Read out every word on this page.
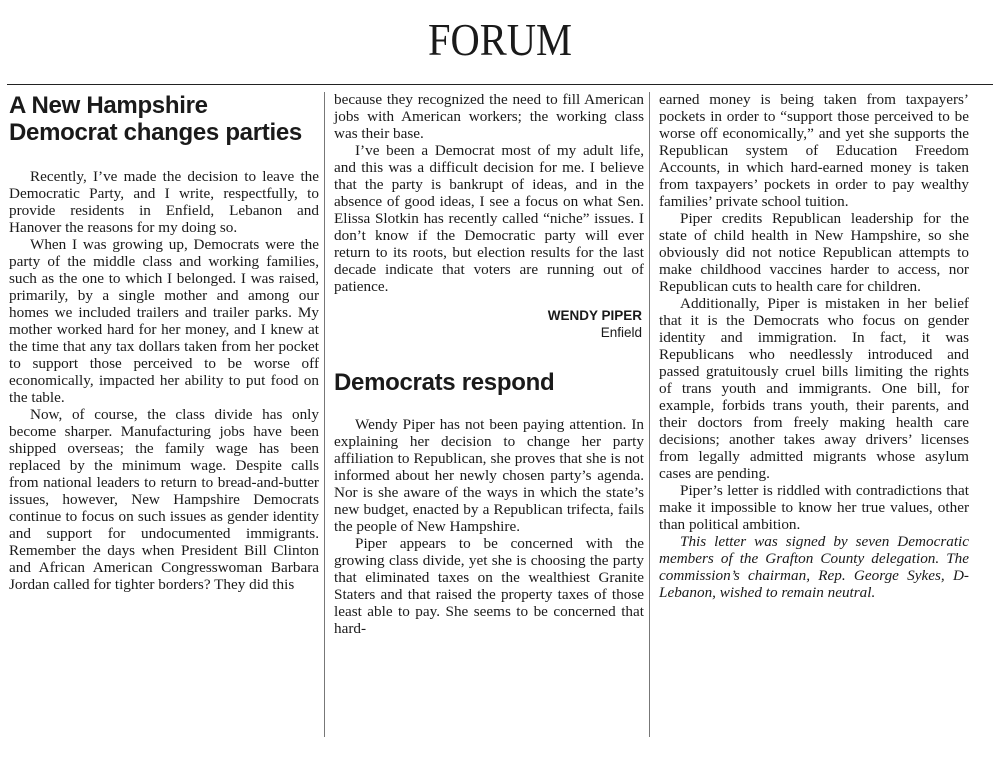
FORUM
A New Hampshire Democrat changes parties

Recently, I’ve made the decision to leave the Democratic Party, and I write, respectfully, to provide residents in Enfield, Lebanon and Hanover the reasons for my doing so.

When I was growing up, Democrats were the party of the middle class and working families, such as the one to which I belonged. I was raised, primarily, by a single mother and among our homes we included trailers and trailer parks. My mother worked hard for her money, and I knew at the time that any tax dollars taken from her pocket to support those perceived to be worse off economically, impacted her ability to put food on the table.

Now, of course, the class divide has only become sharper. Manufacturing jobs have been shipped overseas; the family wage has been replaced by the minimum wage. Despite calls from national leaders to return to bread-and-butter issues, however, New Hampshire Democrats continue to focus on such issues as gender identity and support for undocumented immigrants. Remember the days when President Bill Clinton and African American Congresswoman Barbara Jordan called for tighter borders? They did this

because they recognized the need to fill American jobs with American workers; the working class was their base.

I’ve been a Democrat most of my adult life, and this was a difficult decision for me. I believe that the party is bankrupt of ideas, and in the absence of good ideas, I see a focus on what Sen. Elissa Slotkin has recently called “niche” issues. I don’t know if the Democratic party will ever return to its roots, but election results for the last decade indicate that voters are running out of patience.

WENDY PIPER
Enfield
Democrats respond

Wendy Piper has not been paying attention. In explaining her decision to change her party affiliation to Republican, she proves that she is not informed about her newly chosen party’s agenda. Nor is she aware of the ways in which the state’s new budget, enacted by a Republican trifecta, fails the people of New Hampshire.

Piper appears to be concerned with the growing class divide, yet she is choosing the party that eliminated taxes on the wealthiest Granite Staters and that raised the property taxes of those least able to pay. She seems to be concerned that hard-

earned money is being taken from taxpayers’ pockets in order to “support those perceived to be worse off economically,” and yet she supports the Republican system of Education Freedom Accounts, in which hard-earned money is taken from taxpayers’ pockets in order to pay wealthy families’ private school tuition.

Piper credits Republican leadership for the state of child health in New Hampshire, so she obviously did not notice Republican attempts to make childhood vaccines harder to access, nor Republican cuts to health care for children.

Additionally, Piper is mistaken in her belief that it is the Democrats who focus on gender identity and immigration. In fact, it was Republicans who needlessly introduced and passed gratuitously cruel bills limiting the rights of trans youth and immigrants. One bill, for example, forbids trans youth, their parents, and their doctors from freely making health care decisions; another takes away drivers’ licenses from legally admitted migrants whose asylum cases are pending.

Piper’s letter is riddled with contradictions that make it impossible to know her true values, other than political ambition.

This letter was signed by seven Democratic members of the Grafton County delegation. The commission’s chairman, Rep. George Sykes, D-Lebanon, wished to remain neutral.
